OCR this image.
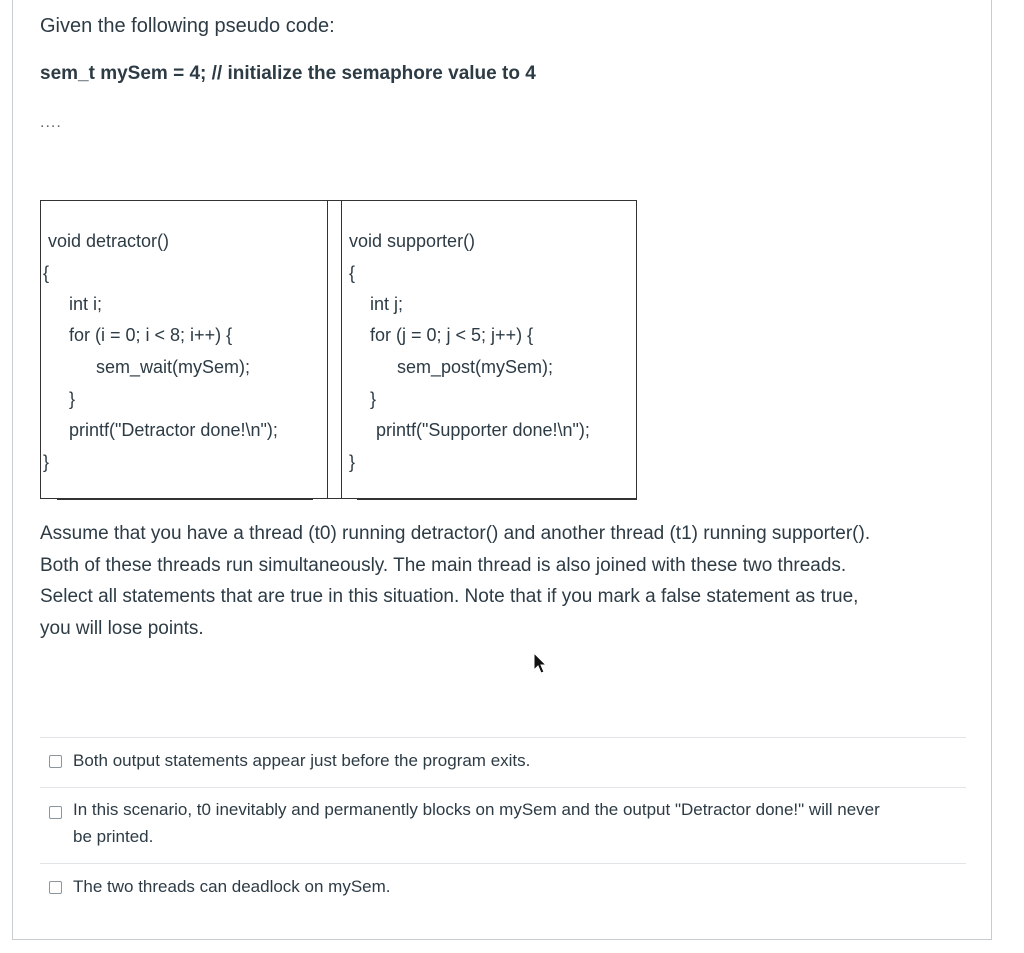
Given the following pseudo code:
sem_t mySem = 4; // initialize the semaphore value to 4
....
void detractor()
{
int i;
for (i = 0; i < 8; i++) {
sem_wait(mySem);
}
printf("Detractor done!\n");
}
void supporter()
{
int j;
for (j = 0; j < 5; j++) {
sem_post(mySem);
}
printf("Supporter done!\n");
}
Assume that you have a thread (t0) running detractor() and another thread (t1) running supporter().
Both of these threads run simultaneously. The main thread is also joined with these two threads.
Select all statements that are true in this situation. Note that if you mark a false statement as true,
you will lose points.
Both output statements appear just before the program exits.
In this scenario, t0 inevitably and permanently blocks on mySem and the output "Detractor done!" will never
be printed.
The two threads can deadlock on mySem.
